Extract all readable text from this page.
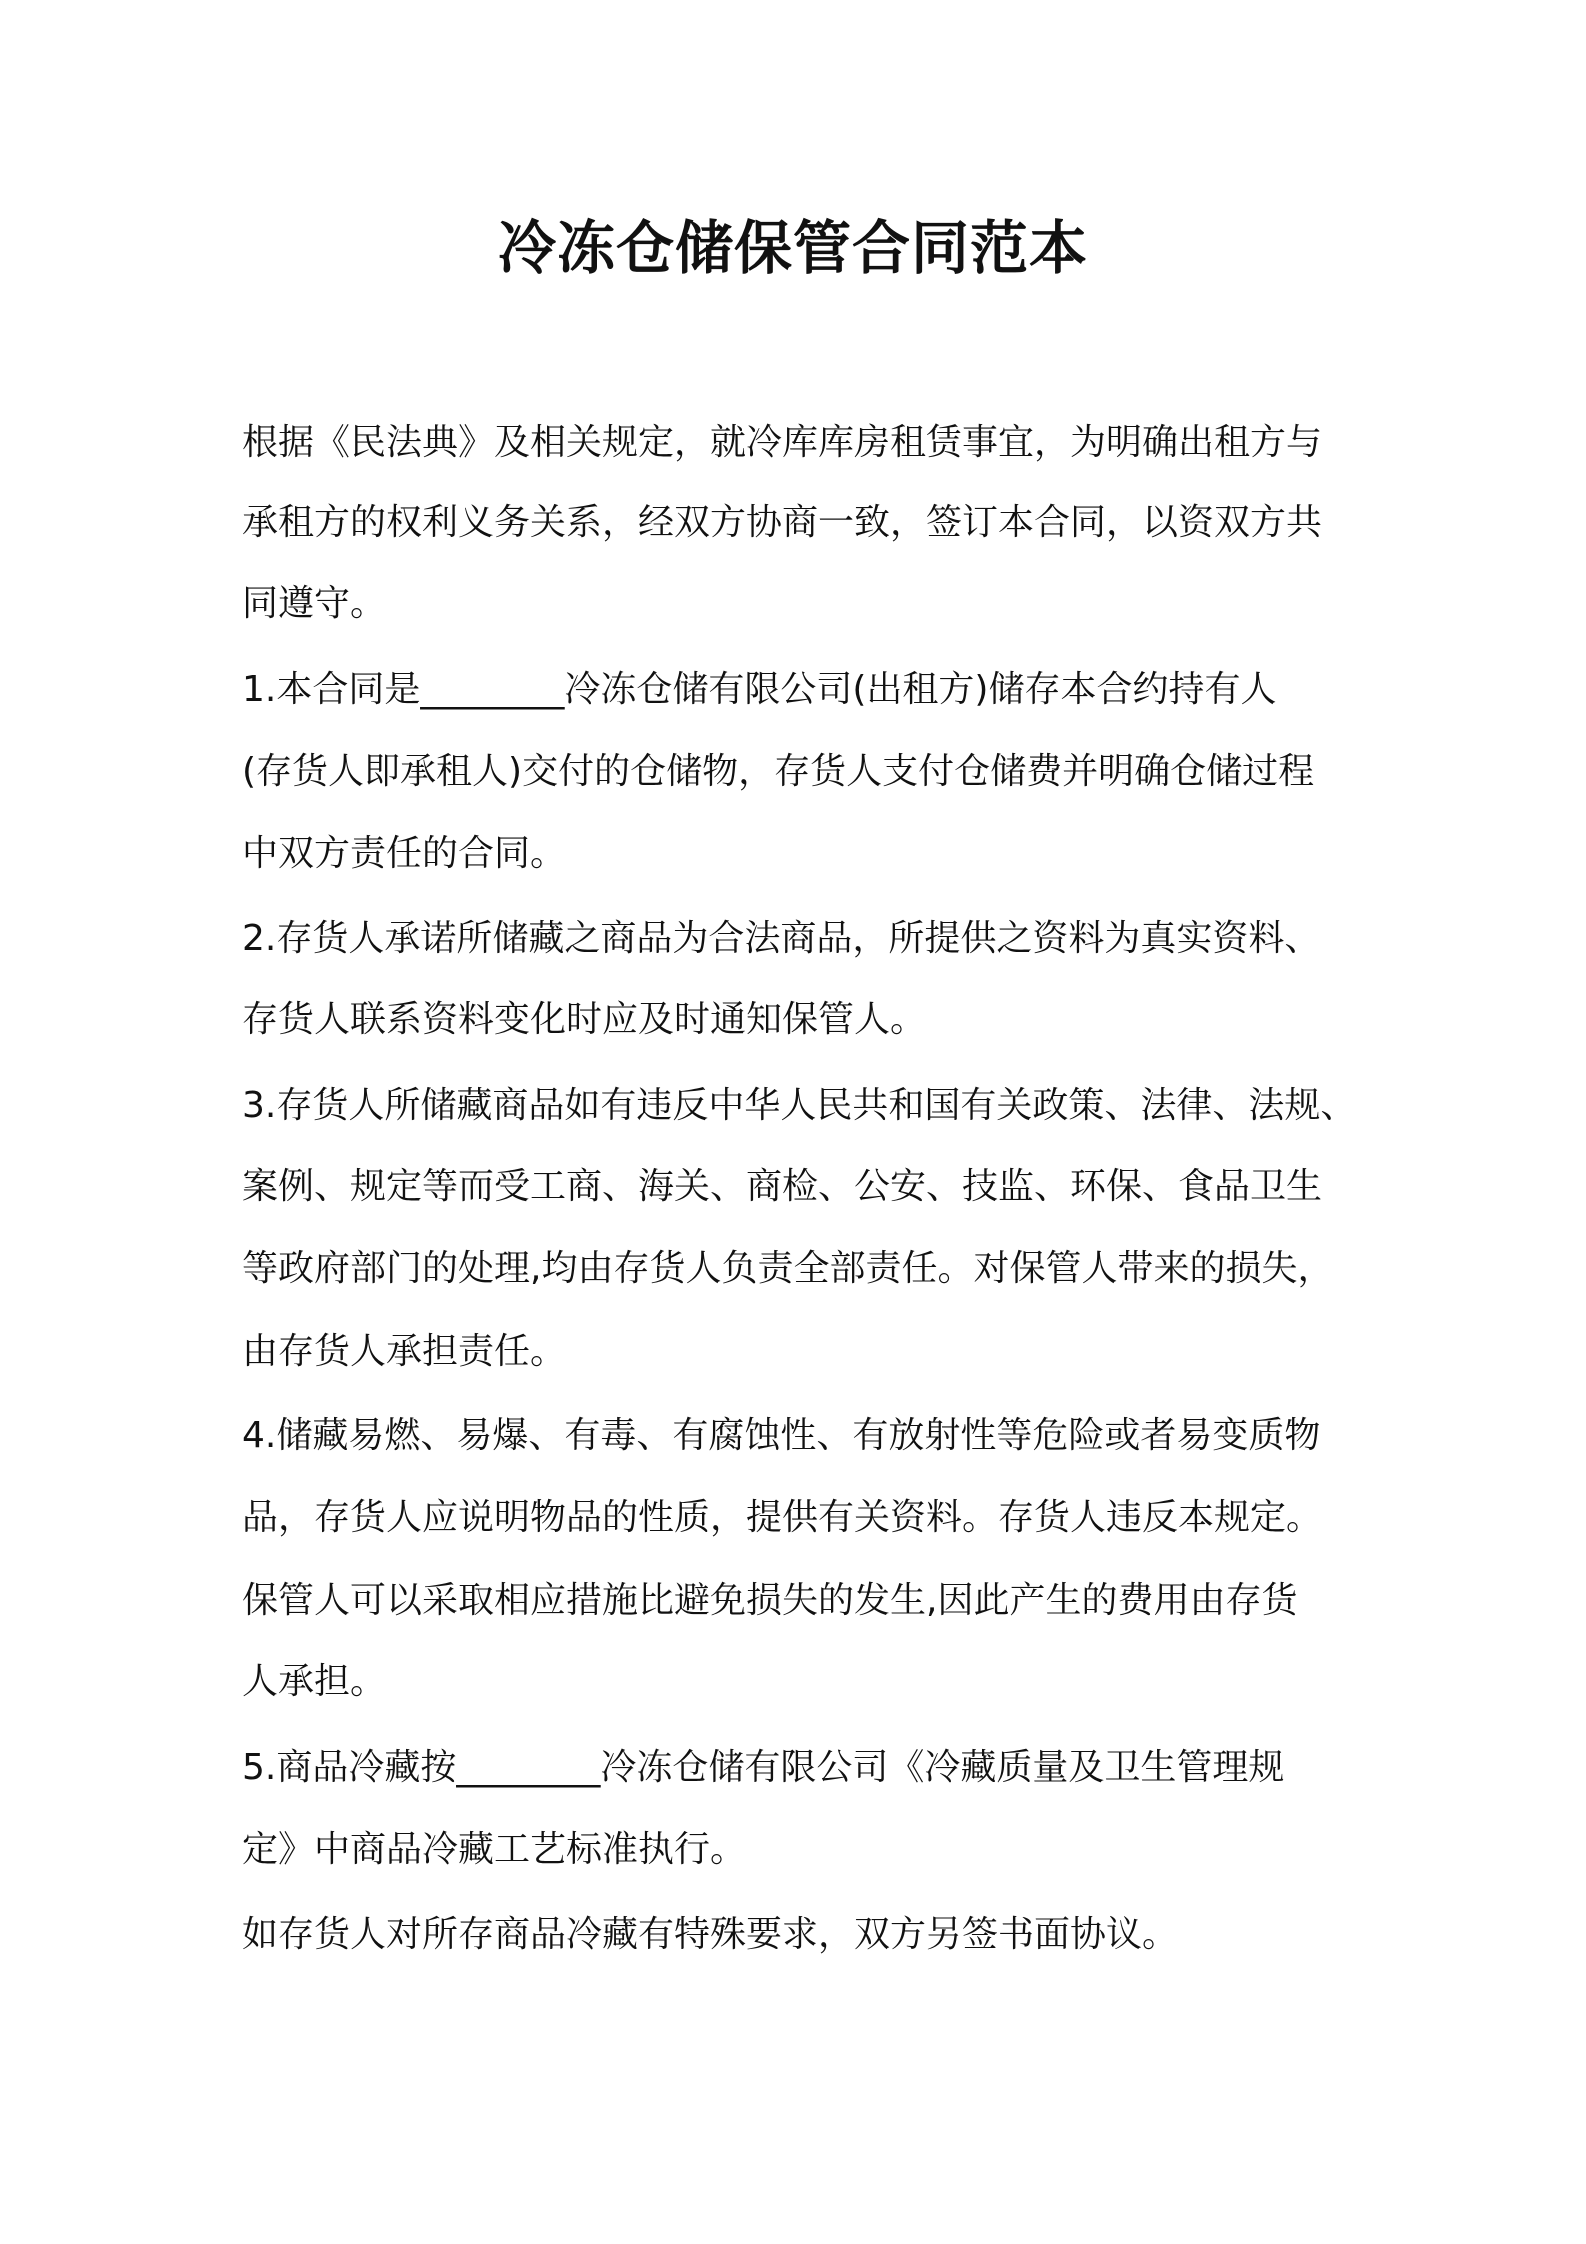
冷冻仓储保管合同范本

根据《民法典》及相关规定，就冷库库房租赁事宜，为明确出租方与

承租方的权利义务关系，经双方协商一致，签订本合同，以资双方共

同遵守。

1.本合同是________冷冻仓储有限公司(出租方)储存本合约持有人

(存货人即承租人)交付的仓储物，存货人支付仓储费并明确仓储过程

中双方责任的合同。

2.存货人承诺所储藏之商品为合法商品，所提供之资料为真实资料、

存货人联系资料变化时应及时通知保管人。

3.存货人所储藏商品如有违反中华人民共和国有关政策、法律、法规、

案例、规定等而受工商、海关、商检、公安、技监、环保、食品卫生

等政府部门的处理,均由存货人负责全部责任。对保管人带来的损失，

由存货人承担责任。

4.储藏易燃、易爆、有毒、有腐蚀性、有放射性等危险或者易变质物

品，存货人应说明物品的性质，提供有关资料。存货人违反本规定。

保管人可以采取相应措施比避免损失的发生,因此产生的费用由存货

人承担。

5.商品冷藏按________冷冻仓储有限公司《冷藏质量及卫生管理规

定》中商品冷藏工艺标准执行。

如存货人对所存商品冷藏有特殊要求，双方另签书面协议。
